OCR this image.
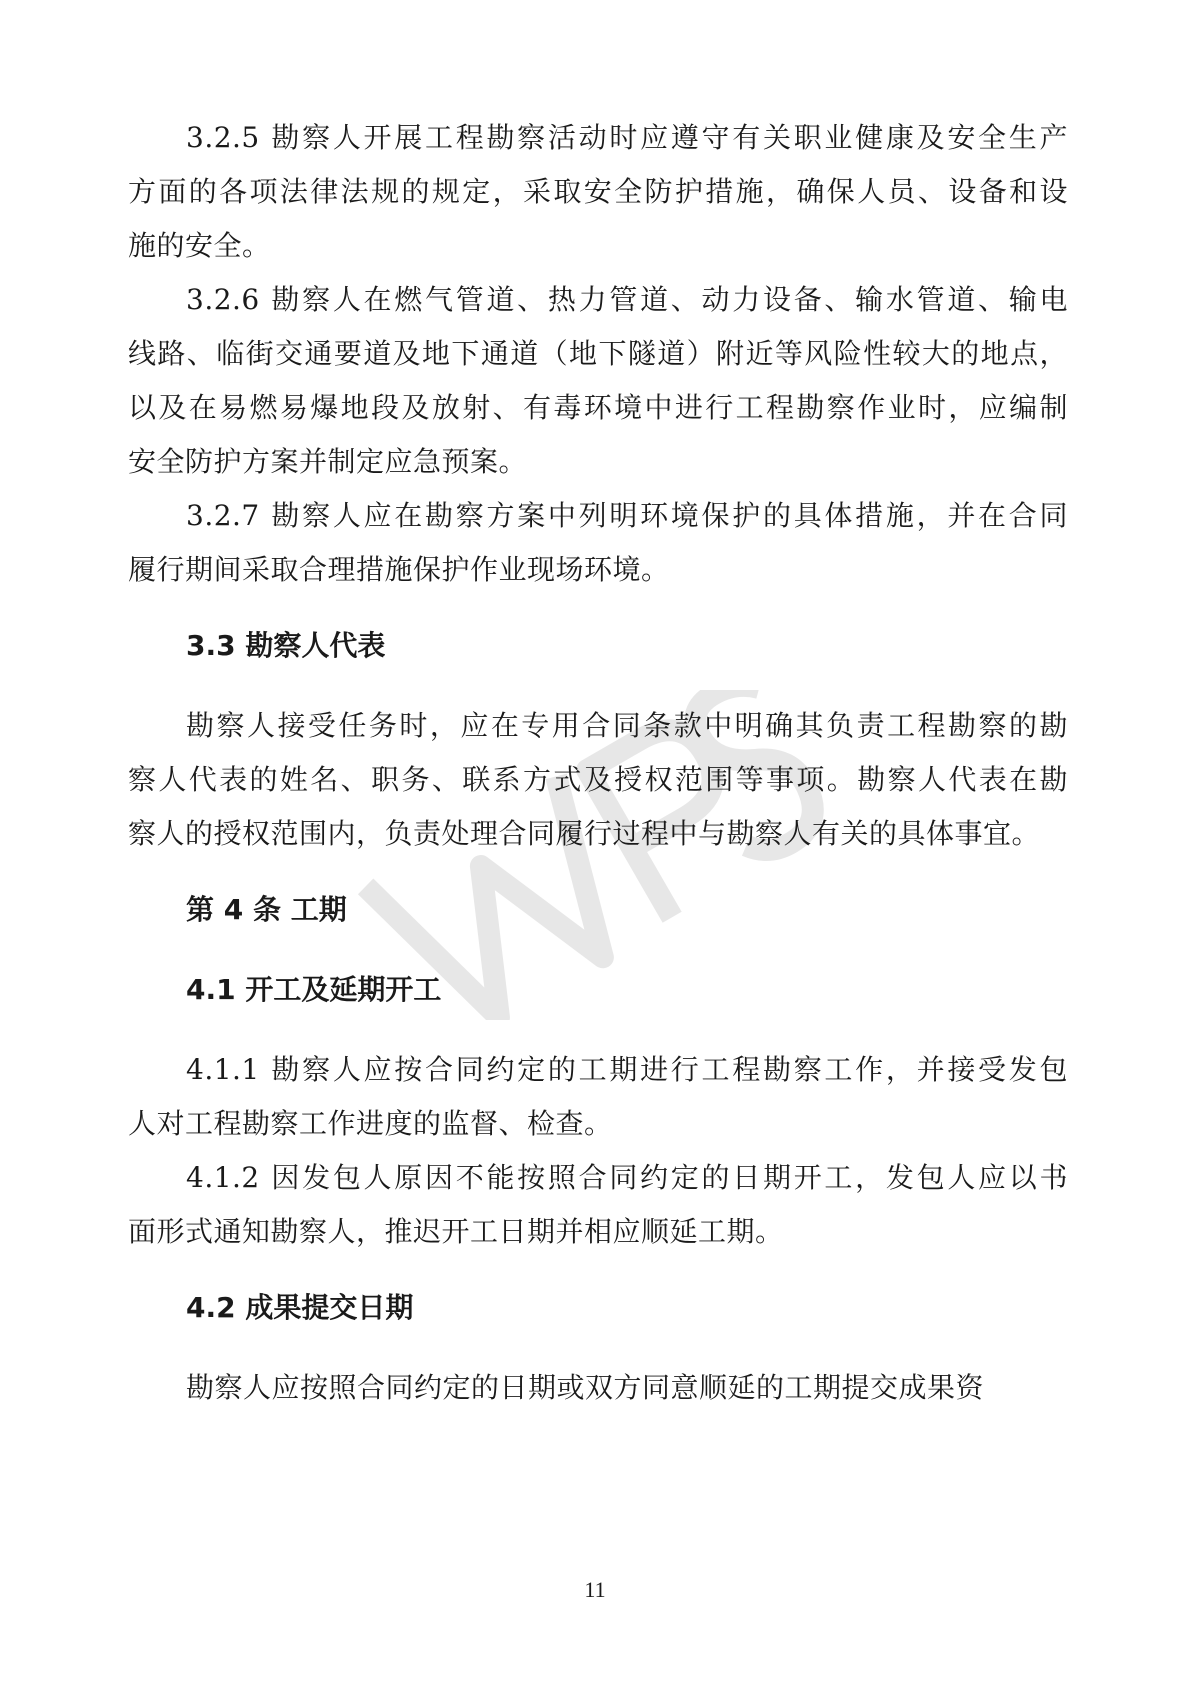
3.2.5 勘察人开展工程勘察活动时应遵守有关职业健康及安全生产
方面的各项法律法规的规定，采取安全防护措施，确保人员、设备和设
施的安全。
3.2.6 勘察人在燃气管道、热力管道、动力设备、输水管道、输电
线路、临街交通要道及地下通道（地下隧道）附近等风险性较大的地点，
以及在易燃易爆地段及放射、有毒环境中进行工程勘察作业时，应编制
安全防护方案并制定应急预案。
3.2.7 勘察人应在勘察方案中列明环境保护的具体措施，并在合同
履行期间采取合理措施保护作业现场环境。
3.3 勘察人代表
勘察人接受任务时，应在专用合同条款中明确其负责工程勘察的勘
察人代表的姓名、职务、联系方式及授权范围等事项。勘察人代表在勘
察人的授权范围内，负责处理合同履行过程中与勘察人有关的具体事宜。
第 4 条 工期
4.1 开工及延期开工
4.1.1 勘察人应按合同约定的工期进行工程勘察工作，并接受发包
人对工程勘察工作进度的监督、检查。
4.1.2 因发包人原因不能按照合同约定的日期开工，发包人应以书
面形式通知勘察人，推迟开工日期并相应顺延工期。
4.2 成果提交日期
勘察人应按照合同约定的日期或双方同意顺延的工期提交成果资
11
